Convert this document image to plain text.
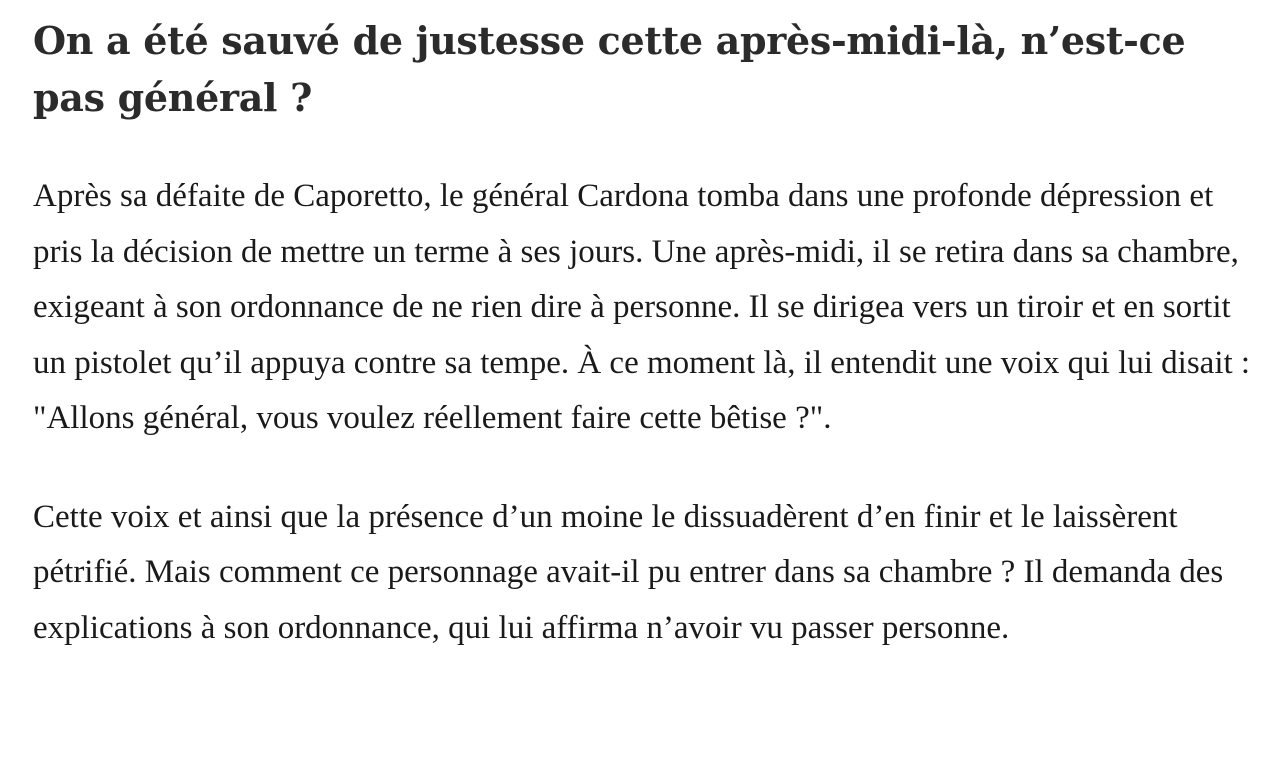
On a été sauvé de justesse cette après-midi-là, n’est-ce pas général ?

Après sa défaite de Caporetto, le général Cardona tomba dans une profonde dépression et pris la décision de mettre un terme à ses jours. Une après-midi, il se retira dans sa chambre, exigeant à son ordonnance de ne rien dire à personne. Il se dirigea vers un tiroir et en sortit un pistolet qu’il appuya contre sa tempe. À ce moment là, il entendit une voix qui lui disait : "Allons général, vous voulez réellement faire cette bêtise ?".

Cette voix et ainsi que la présence d’un moine le dissuadèrent d’en finir et le laissèrent pétrifié. Mais comment ce personnage avait-il pu entrer dans sa chambre ? Il demanda des explications à son ordonnance, qui lui affirma n’avoir vu passer personne.
